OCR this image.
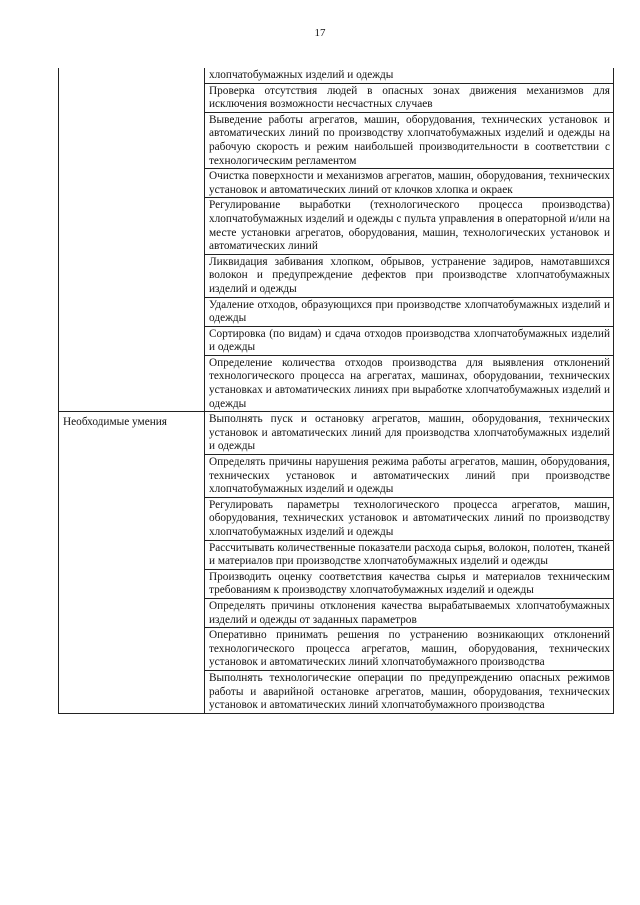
17
	хлопчатобумажных изделий и одежды
	Проверка отсутствия людей в опасных зонах движения механизмов для исключения возможности несчастных случаев
	Выведение работы агрегатов, машин, оборудования, технических установок и автоматических линий по производству хлопчатобумажных изделий и одежды на рабочую скорость и режим наибольшей производительности в соответствии с технологическим регламентом
	Очистка поверхности и механизмов агрегатов, машин, оборудования, технических установок и автоматических линий от клочков хлопка и окраек
	Регулирование выработки (технологического процесса производства) хлопчатобумажных изделий и одежды с пульта управления в операторной и/или на месте установки агрегатов, оборудования, машин, технологических установок и автоматических линий
	Ликвидация забивания хлопком, обрывов, устранение задиров, намотавшихся волокон и предупреждение дефектов при производстве хлопчатобумажных изделий и одежды
	Удаление отходов, образующихся при производстве хлопчатобумажных изделий и одежды
	Сортировка (по видам) и сдача отходов производства хлопчатобумажных изделий и одежды
	Определение количества отходов производства для выявления отклонений технологического процесса на агрегатах, машинах, оборудовании, технических установках и автоматических линиях при выработке хлопчатобумажных изделий и одежды
Необходимые умения	Выполнять пуск и остановку агрегатов, машин, оборудования, технических установок и автоматических линий для производства хлопчатобумажных изделий и одежды
	Определять причины нарушения режима работы агрегатов, машин, оборудования, технических установок и автоматических линий при производстве хлопчатобумажных изделий и одежды
	Регулировать параметры технологического процесса агрегатов, машин, оборудования, технических установок и автоматических линий по производству хлопчатобумажных изделий и одежды
	Рассчитывать количественные показатели расхода сырья, волокон, полотен, тканей и материалов при производстве хлопчатобумажных изделий и одежды
	Производить оценку соответствия качества сырья и материалов техническим требованиям к производству хлопчатобумажных изделий и одежды
	Определять причины отклонения качества вырабатываемых хлопчатобумажных изделий и одежды от заданных параметров
	Оперативно принимать решения по устранению возникающих отклонений технологического процесса агрегатов, машин, оборудования, технических установок и автоматических линий хлопчатобумажного производства
	Выполнять технологические операции по предупреждению опасных режимов работы и аварийной остановке агрегатов, машин, оборудования, технических установок и автоматических линий хлопчатобумажного производства
